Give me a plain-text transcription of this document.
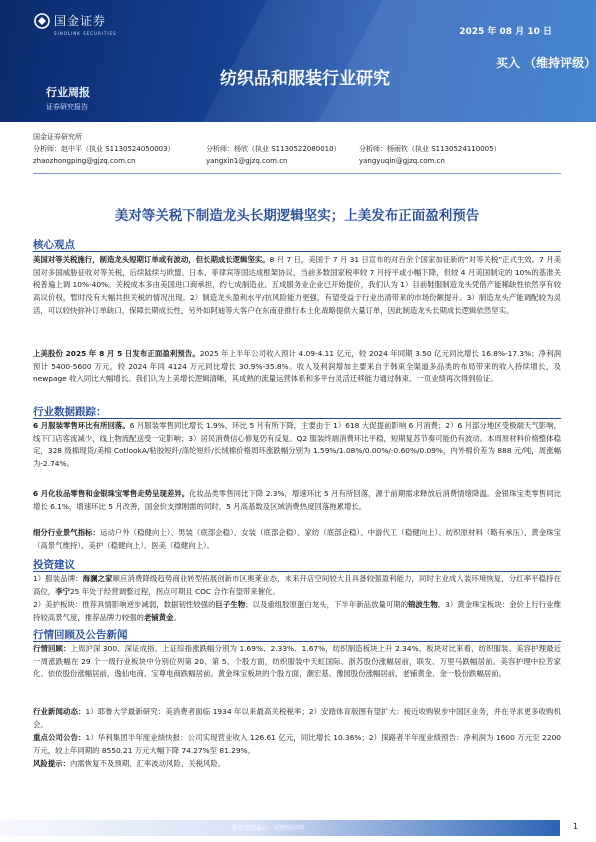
国金证券
SINOLINK SECURITIES	2025 年 08 月 10 日
行业周报
证券研究报告
纺织品和服装行业研究
买入 （维持评级）
国金证券研究所
分析师：赵中平（执业 S1130524050003）
zhaozhongping@gjzq.com.cn
分析师：杨欣（执业 S1130522080010）
yangxin1@gjzq.com.cn
分析师：杨雨钦（执业 S1130524110005）
yangyuqin@gjzq.com.cn
美对等关税下制造龙头长期逻辑坚实；上美发布正面盈利预告
核心观点

美国对等关税施行，制造龙头短期订单或有波动，但长期成长逻辑坚实。8 月 7 日，美国于 7 月 31 日宣布的对百余个国家加征新的“对等关税”正式生效。7 月美国对多国威胁征收对等关税，后续陆续与欧盟、日本、菲律宾等国达成框架协议，当前多数国家税率较 7 月持平或小幅下降，但较 4 月美国制定的 10%的基准关税普遍上调 10%-40%。关税成本多由美国进口商承担，约七成制造业、五成服务业企业已开始提价，我们认为 1）目前鞋服制造龙头凭借产能稀缺性依然享有较高议价权，暂时没有大幅共担关税的情况出现。2）制造龙头盈利水平/抗风险能力更强，有望受益于行业出清带来的市场份额提升。3）制造龙头产能调配较为灵活，可以较快弥补订单缺口，保障长期成长性，另外如阿迪等大客户在东南亚推行本土化战略提供大量订单，因此制造龙头长期成长逻辑依然坚实。

上美股份 2025 年 8 月 5 日发布正面盈利预告。2025 年上半年公司收入预计 4.09-4.11 亿元，较 2024 年同期 3.50 亿元同比增长 16.8%-17.3%；净利润预计 5400-5600 万元，较 2024 年同 4124 万元同比增长 30.9%-35.8%。收入及利润增加主要来自于韩束全渠道多品类的布局带来的收入持续增长，及 newpage 收入同比大幅增长。我们认为上美增长逻辑清晰，其成熟的流量运营体系和多平台灵活迁移能力通过韩束、一页业绩再次得到验证。

行业数据跟踪：

6 月服装零售环比有所回落。6 月服装零售同比增长 1.9%，环比 5 月有所下降，主要由于 1）618 大促提前影响 6 月消费；2）6 月部分地区受极端天气影响，线下门店客流减少，线上物流配送受一定影响；3）居民消费信心修复仍有反复。Q2 服装终端消费环比平稳，短期复苏节奏可能仍有波动。本周原材料价格整体稳定，328 级棉现货/美棉 CotlookA/粘胶短纤/涤纶短纤/长绒棉价格周环涨跌幅分别为 1.59%/1.08%/0.00%/-0.60%/0.09%，内外棉价差为 888 元/吨，周涨幅为-2.74%。

6 月化妆品零售和金银珠宝零售走势呈现差异。化妆品类零售同比下降 2.3%，增速环比 5 月有所回落，源于前期需求释放后消费情绪降温。金银珠宝类零售同比增长 6.1%，增速环比 5 月改善，国金价支撑刚需的同时，5 月高基数及区域消费热度回落拖累增长。

细分行业景气指标：运动户外（稳健向上）、男装（底部企稳）、女装（底部企稳）、家纺（底部企稳）、中游代工（稳健向上）、纺织原材料（略有承压）、黄金珠宝（高景气维持）、美护（稳健向上）、医美（稳健向上）。

投资建议

1）服装品牌：海澜之家顺应消费降级趋势商业转型拓展创新市区奥莱业态，未来开店空间较大且具备较强盈利能力，同时主业成人装环境恢复，分红率平稳持在高位，李宁25 年处于经营调整过程，拐点可期且 COC 合作有望带来催化。

2）美护板块：推荐具情影响逆步减弱，数据韧性较强的巨子生物；以及重组胶原蛋白龙头，下半年新品放量可期的锦波生物。3）黄金珠宝板块：金价上行行业维持较高景气度，推荐品牌力较强的老铺黄金。

行情回顾及公告新闻

行情回顾：上周沪深 300、深证成指、上证综指涨跌幅分别为 1.69%、2.33%、1.67%，纺织制造板块上升 2.34%。板块对比来看，纺织服装、美容护理最近一周涨跌幅在 29 个一级行业板块中分别位列第 20、第 5。个股方面，纺织服装中天虹国际、浙苏股份涨幅居前，联发、万里马跌幅居前。美容护理中拉芳家化、依依股份涨幅居前，逸仙电商、宝尊电商跌幅居前。黄金珠宝板块的个股方面，潮宏基、豫园股份涨幅居前，老铺黄金、金一股份跌幅居前。

行业新闻动态：1）耶鲁大学最新研究：美消费者面临 1934 年以来最高关税税率；2）安踏体育版图有望扩大：接近收购锐步中国区业务，并在寻求更多收购机会。

重点公司公告：1）华利集团半年度业绩快报：公司实现营业收入 126.61 亿元，同比增长 10.36%；2）探路者半年度业绩预告：净利润为 1600 万元至 2200 万元，较上年同期的 8550.21 万元大幅下降 74.27%至 81.29%。

风险提示：内需恢复不及预期、汇率波动风险、关税风险。

敬请参阅最后一页特别声明	1
